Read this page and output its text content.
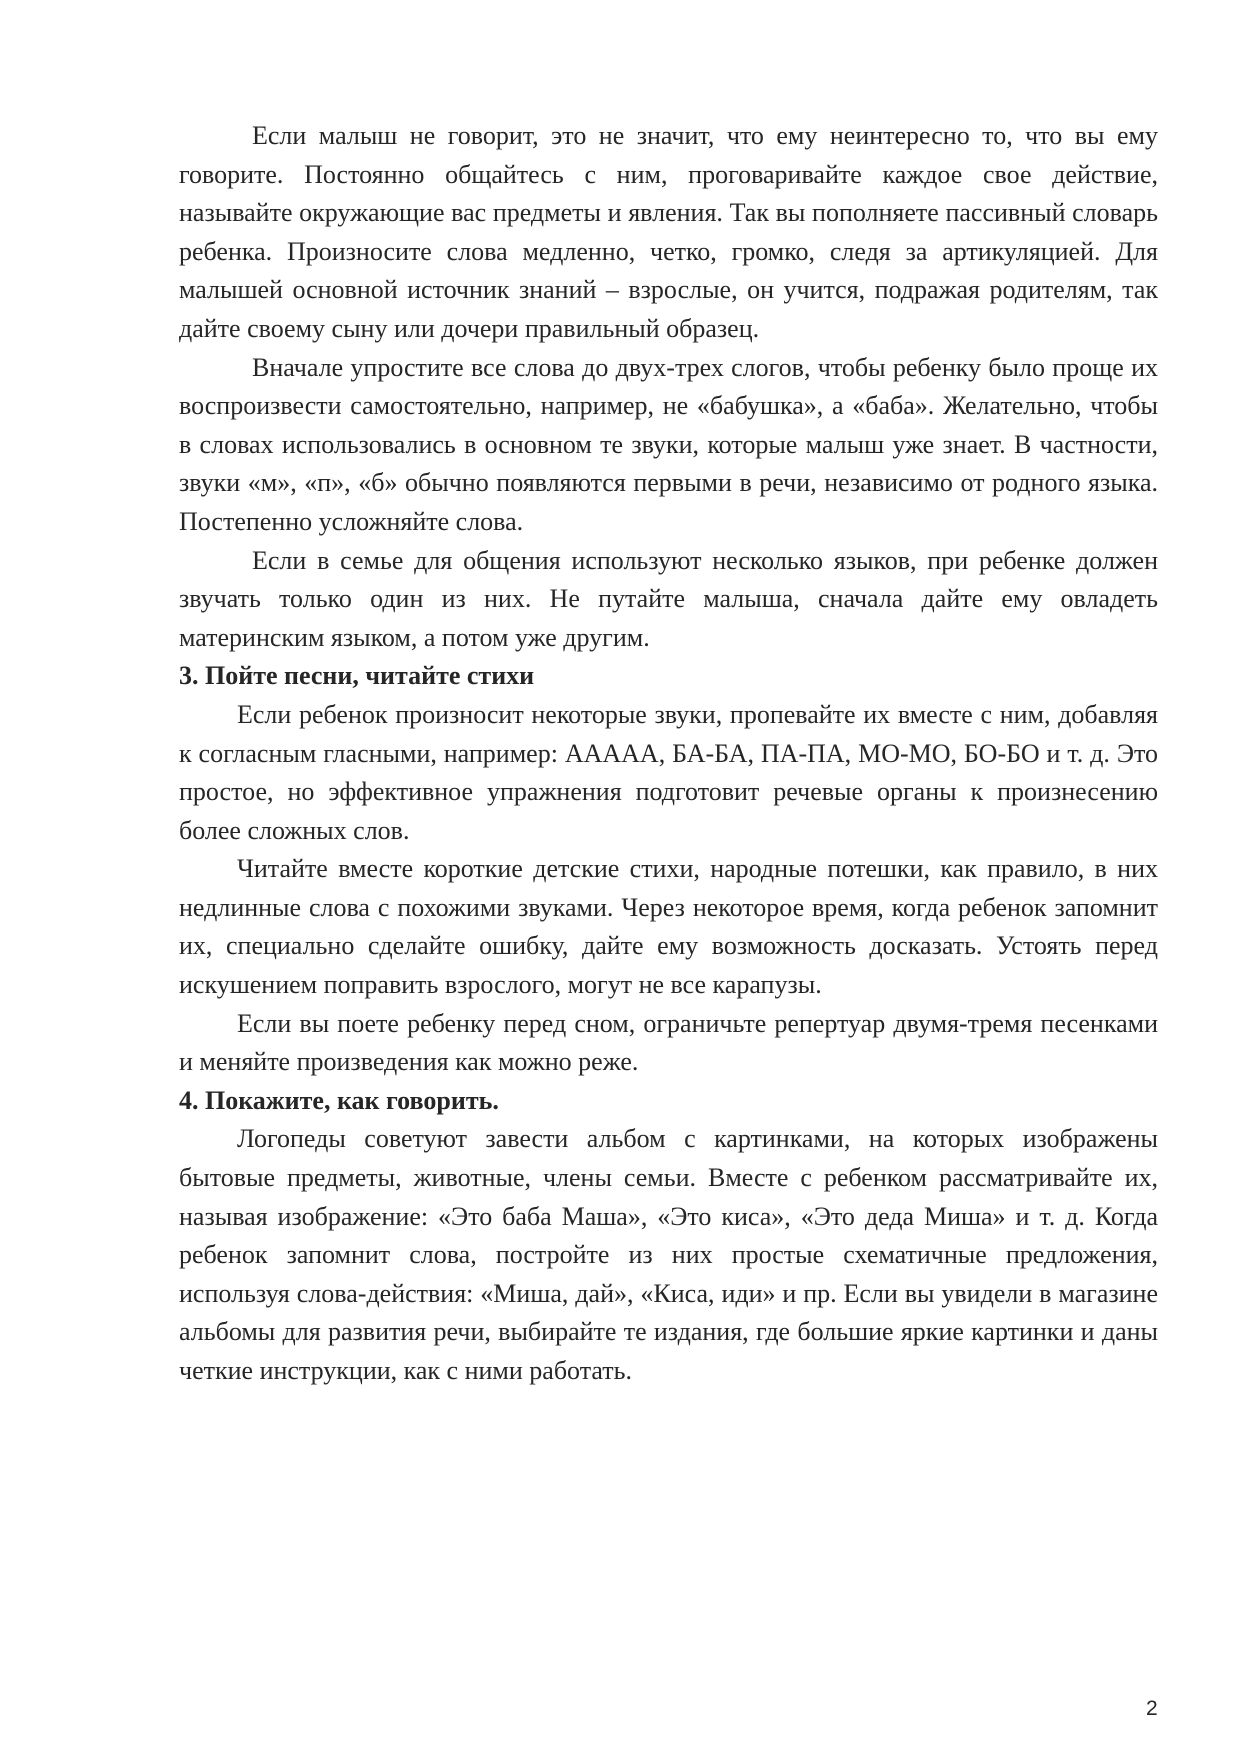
Если малыш не говорит, это не значит, что ему неинтересно то, что вы ему говорите. Постоянно общайтесь с ним, проговаривайте каждое свое действие, называйте окружающие вас предметы и явления. Так вы пополняете пассивный словарь ребенка. Произносите слова медленно, четко, громко, следя за артикуляцией. Для малышей основной источник знаний – взрослые, он учится, подражая родителям, так дайте своему сыну или дочери правильный образец.

Вначале упростите все слова до двух-трех слогов, чтобы ребенку было проще их воспроизвести самостоятельно, например, не «бабушка», а «баба». Желательно, чтобы в словах использовались в основном те звуки, которые малыш уже знает. В частности, звуки «м», «п», «б» обычно появляются первыми в речи, независимо от родного языка. Постепенно усложняйте слова.

Если в семье для общения используют несколько языков, при ребенке должен звучать только один из них. Не путайте малыша, сначала дайте ему овладеть материнским языком, а потом уже другим.

3. Пойте песни, читайте стихи

Если ребенок произносит некоторые звуки, пропевайте их вместе с ним, добавляя к согласным гласными, например: ААААА, БА-БА, ПА-ПА, МО-МО, БО-БО и т. д. Это простое, но эффективное упражнения подготовит речевые органы к произнесению более сложных слов.

Читайте вместе короткие детские стихи, народные потешки, как правило, в них недлинные слова с похожими звуками. Через некоторое время, когда ребенок запомнит их, специально сделайте ошибку, дайте ему возможность досказать. Устоять перед искушением поправить взрослого, могут не все карапузы.

Если вы поете ребенку перед сном, ограничьте репертуар двумя-тремя песенками и меняйте произведения как можно реже.

4. Покажите, как говорить.

Логопеды советуют завести альбом с картинками, на которых изображены бытовые предметы, животные, члены семьи. Вместе с ребенком рассматривайте их, называя изображение: «Это баба Маша», «Это киса», «Это деда Миша» и т. д. Когда ребенок запомнит слова, постройте из них простые схематичные предложения, используя слова-действия: «Миша, дай», «Киса, иди» и пр. Если вы увидели в магазине альбомы для развития речи, выбирайте те издания, где большие яркие картинки и даны четкие инструкции, как с ними работать.

2
